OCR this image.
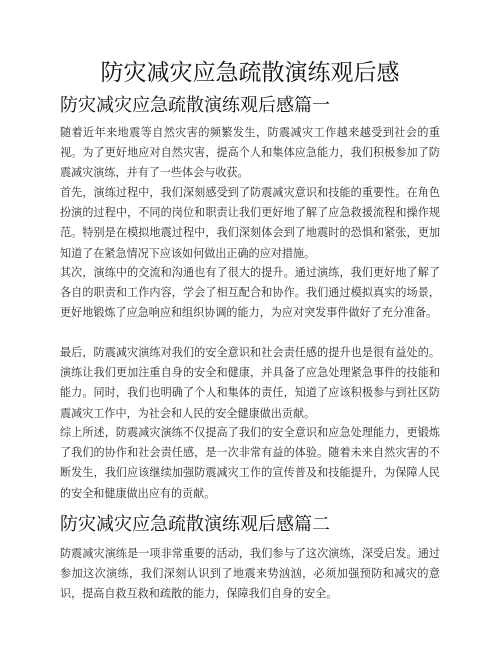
防灾减灾应急疏散演练观后感
防灾减灾应急疏散演练观后感篇一

随着近年来地震等自然灾害的频繁发生，防震减灾工作越来越受到社会的重视。为了更好地应对自然灾害，提高个人和集体应急能力，我们积极参加了防震减灾演练，并有了一些体会与收获。

首先，演练过程中，我们深刻感受到了防震减灾意识和技能的重要性。在角色扮演的过程中，不同的岗位和职责让我们更好地了解了应急救援流程和操作规范。特别是在模拟地震过程中，我们深刻体会到了地震时的恐惧和紧张，更加知道了在紧急情况下应该如何做出正确的应对措施。

其次，演练中的交流和沟通也有了很大的提升。通过演练，我们更好地了解了各自的职责和工作内容，学会了相互配合和协作。我们通过模拟真实的场景，更好地锻炼了应急响应和组织协调的能力，为应对突发事件做好了充分准备。

最后，防震减灾演练对我们的安全意识和社会责任感的提升也是很有益处的。演练让我们更加注重自身的安全和健康，并具备了应急处理紧急事件的技能和能力。同时，我们也明确了个人和集体的责任，知道了应该积极参与到社区防震减灾工作中，为社会和人民的安全健康做出贡献。

综上所述，防震减灾演练不仅提高了我们的安全意识和应急处理能力，更锻炼了我们的协作和社会责任感，是一次非常有益的体验。随着未来自然灾害的不断发生，我们应该继续加强防震减灾工作的宣传普及和技能提升，为保障人民的安全和健康做出应有的贡献。

防灾减灾应急疏散演练观后感篇二

防震减灾演练是一项非常重要的活动，我们参与了这次演练，深受启发。通过参加这次演练，我们深刻认识到了地震来势汹汹，必须加强预防和减灾的意识，提高自救互救和疏散的能力，保障我们自身的安全。
